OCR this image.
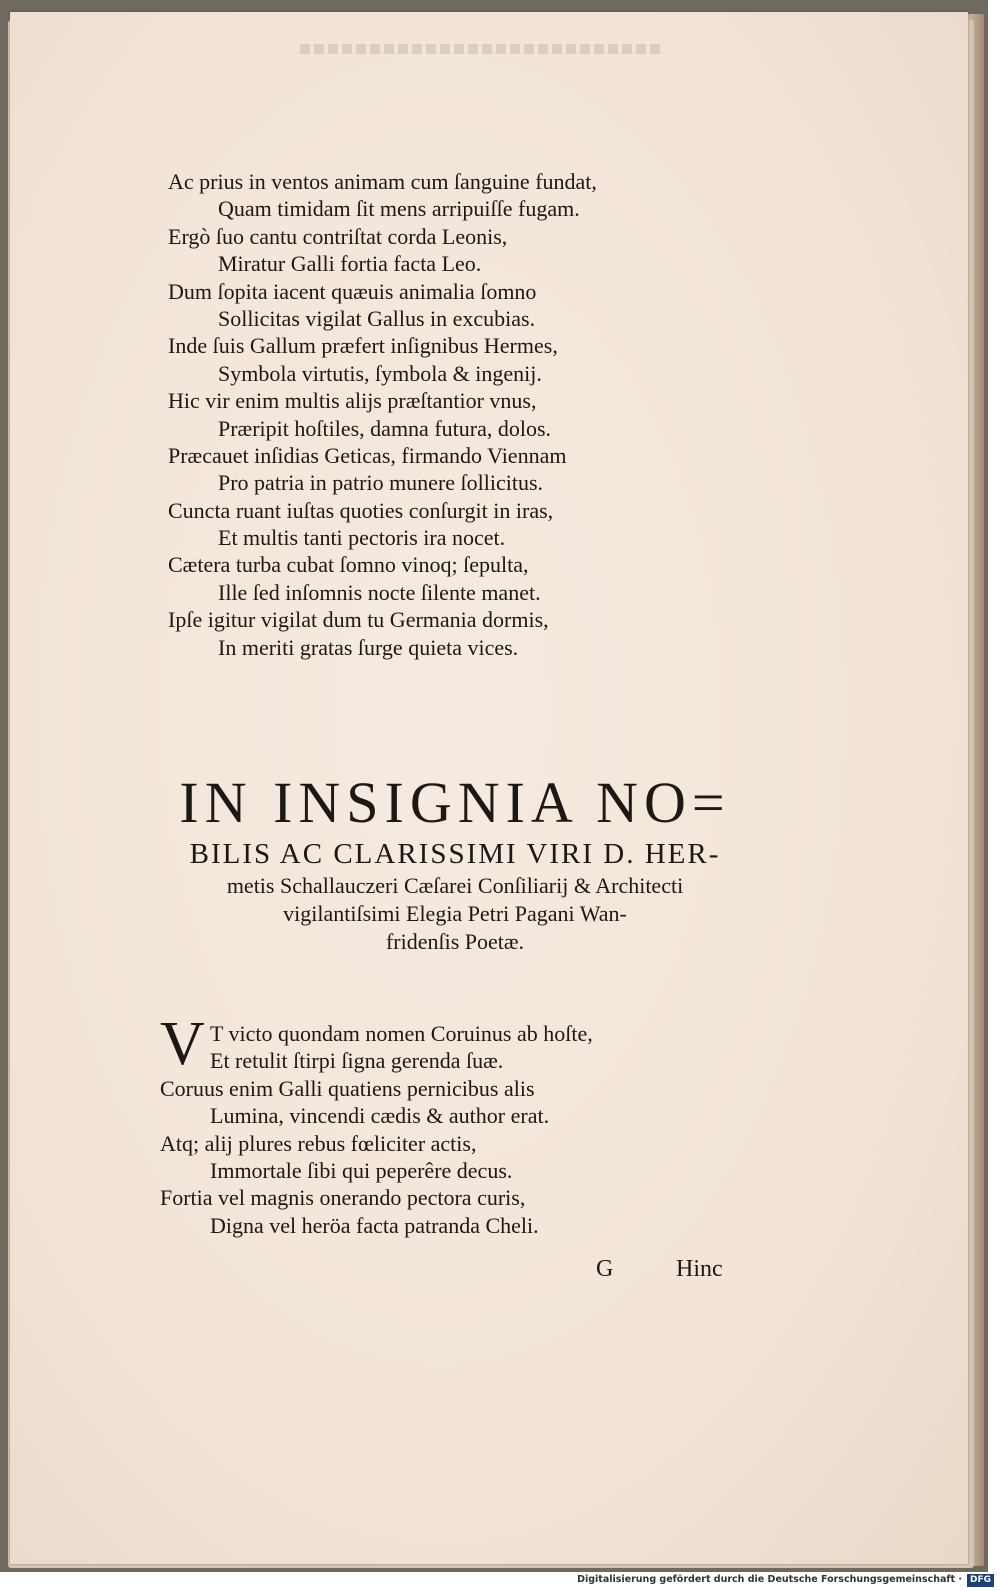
Ac prius in ventos animam cum ſanguine fundat,
Quam timidam ſit mens arripuiſſe fugam.
Ergò ſuo cantu contriſtat corda Leonis,
Miratur Galli fortia facta Leo.
Dum ſopita iacent quæuis animalia ſomno
Sollicitas vigilat Gallus in excubias.
Inde ſuis Gallum præfert inſignibus Hermes,
Symbola virtutis, ſymbola & ingenij.
Hic vir enim multis alijs præſtantior vnus,
Præripit hoſtiles, damna futura, dolos.
Præcauet inſidias Geticas, firmando Viennam
Pro patria in patrio munere ſollicitus.
Cuncta ruant iuſtas quoties conſurgit in iras,
Et multis tanti pectoris ira nocet.
Cætera turba cubat ſomno vinoq; ſepulta,
Ille ſed inſomnis nocte ſilente manet.
Ipſe igitur vigilat dum tu Germania dormis,
In meriti gratas ſurge quieta vices.
IN INSIGNIA NO=
BILIS AC CLARISSIMI VIRI D. HER-
metis Schallauczeri Cæſarei Conſiliarij & Architecti
vigilantiſsimi Elegia Petri Pagani Wan-
fridenſis Poetæ.
V T victo quondam nomen Coruinus ab hoſte,
Et retulit ſtirpi ſigna gerenda ſuæ.
Coruus enim Galli quatiens pernicibus alis
Lumina, vincendi cædis & author erat.
Atq; alij plures rebus fœliciter actis,
Immortale ſibi qui peperêre decus.
Fortia vel magnis onerando pectora curis,
Digna vel heröa facta patranda Cheli.
G	Hinc
Digitalisierung gefördert durch die Deutsche Forschungsgemeinschaft · DFG
